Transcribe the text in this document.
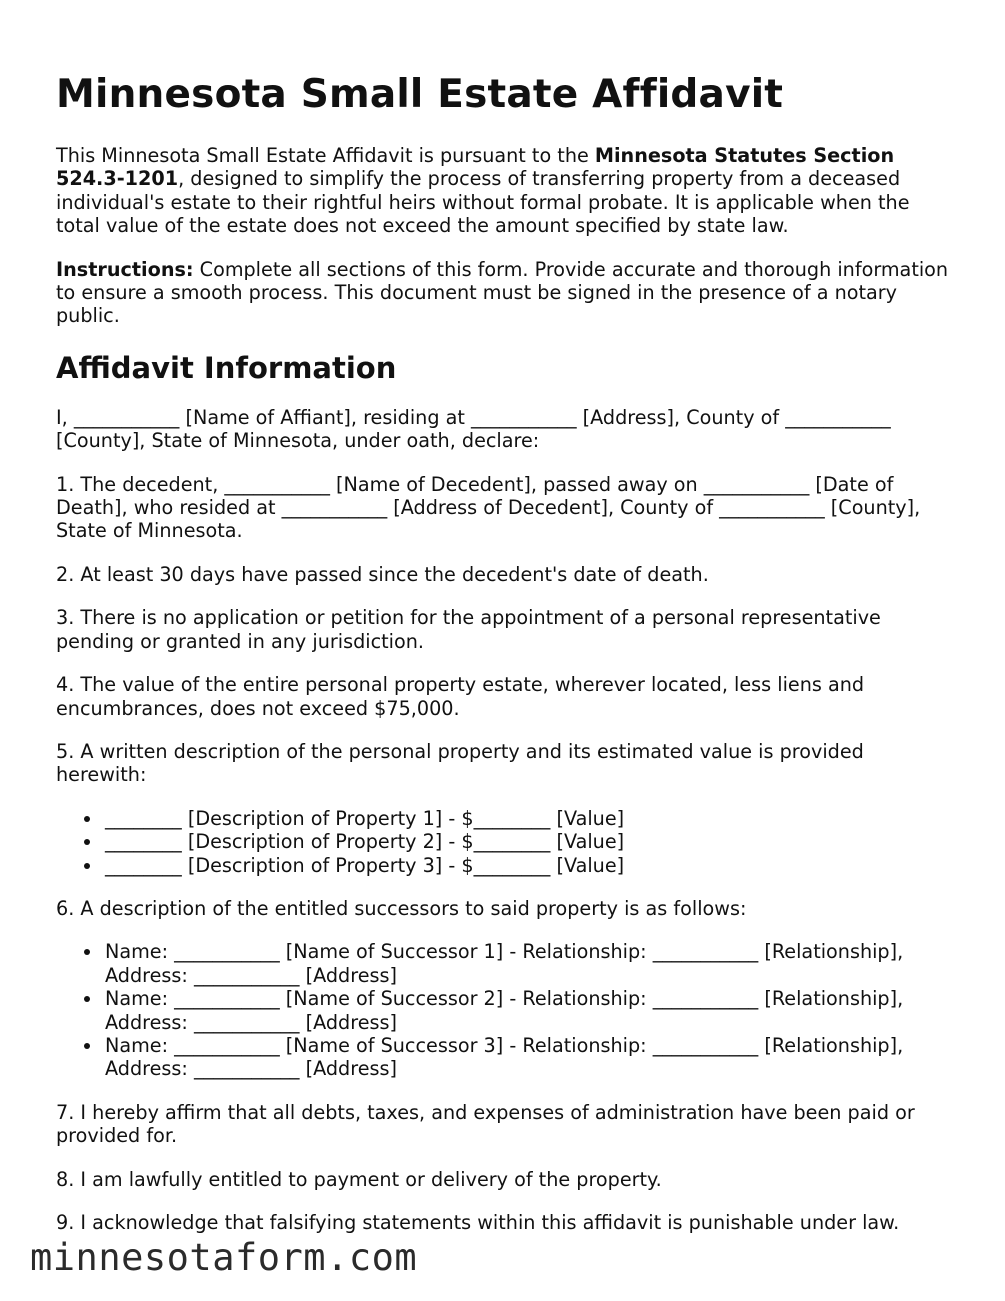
Minnesota Small Estate Affidavit

This Minnesota Small Estate Affidavit is pursuant to the Minnesota Statutes Section 524.3-1201, designed to simplify the process of transferring property from a deceased individual's estate to their rightful heirs without formal probate. It is applicable when the total value of the estate does not exceed the amount specified by state law.

Instructions: Complete all sections of this form. Provide accurate and thorough information to ensure a smooth process. This document must be signed in the presence of a notary public.

Affidavit Information

I, ___________ [Name of Affiant], residing at ___________ [Address], County of ___________ [County], State of Minnesota, under oath, declare:

1. The decedent, ___________ [Name of Decedent], passed away on ___________ [Date of Death], who resided at ___________ [Address of Decedent], County of ___________ [County], State of Minnesota.

2. At least 30 days have passed since the decedent's date of death.

3. There is no application or petition for the appointment of a personal representative pending or granted in any jurisdiction.

4. The value of the entire personal property estate, wherever located, less liens and encumbrances, does not exceed $75,000.

5. A written description of the personal property and its estimated value is provided herewith:

________ [Description of Property 1] - $________ [Value]
________ [Description of Property 2] - $________ [Value]
________ [Description of Property 3] - $________ [Value]

6. A description of the entitled successors to said property is as follows:

Name: ___________ [Name of Successor 1] - Relationship: ___________ [Relationship], Address: ___________ [Address]
Name: ___________ [Name of Successor 2] - Relationship: ___________ [Relationship], Address: ___________ [Address]
Name: ___________ [Name of Successor 3] - Relationship: ___________ [Relationship], Address: ___________ [Address]

7. I hereby affirm that all debts, taxes, and expenses of administration have been paid or provided for.

8. I am lawfully entitled to payment or delivery of the property.

9. I acknowledge that falsifying statements within this affidavit is punishable under law.

minnesotaform.com
